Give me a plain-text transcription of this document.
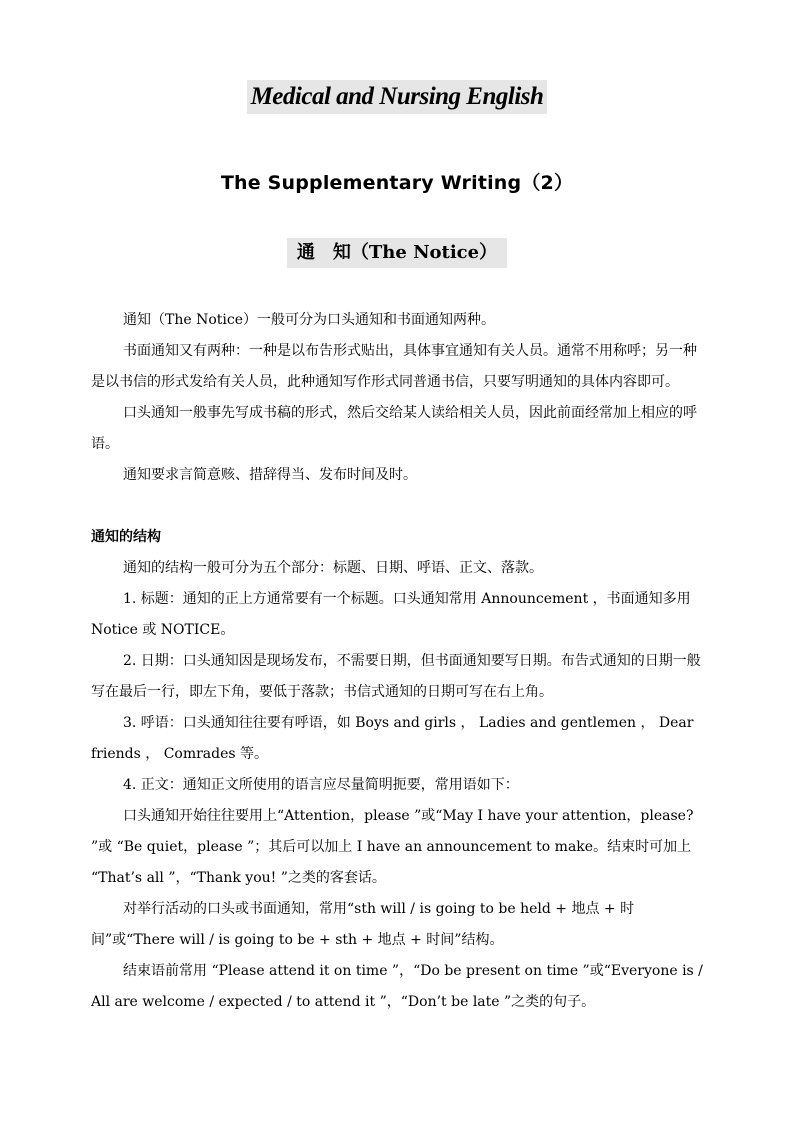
Medical and Nursing English
The Supplementary Writing（2）
通　知（The Notice）

通知（The Notice）一般可分为口头通知和书面通知两种。

书面通知又有两种：一种是以布告形式贴出，具体事宜通知有关人员。通常不用称呼；另一种是以书信的形式发给有关人员，此种通知写作形式同普通书信，只要写明通知的具体内容即可。

口头通知一般事先写成书稿的形式，然后交给某人读给相关人员，因此前面经常加上相应的呼语。

通知要求言简意赅、措辞得当、发布时间及时。

通知的结构

通知的结构一般可分为五个部分：标题、日期、呼语、正文、落款。

1. 标题：通知的正上方通常要有一个标题。口头通知常用 Announcement ，书面通知多用 Notice 或 NOTICE。

2. 日期：口头通知因是现场发布，不需要日期，但书面通知要写日期。布告式通知的日期一般写在最后一行，即左下角，要低于落款；书信式通知的日期可写在右上角。

3. 呼语：口头通知往往要有呼语，如 Boys and girls ， Ladies and gentlemen ， Dear friends ， Comrades 等。

4. 正文：通知正文所使用的语言应尽量简明扼要，常用语如下：

口头通知开始往往要用上“Attention，please ”或“May I have your attention，please? ”或 “Be quiet，please ”；其后可以加上 I have an announcement to make。结束时可加上 “That’s all ”，“Thank you! ”之类的客套话。

对举行活动的口头或书面通知，常用“sth will / is going to be held + 地点 + 时间”或“There will / is going to be + sth + 地点 + 时间”结构。

结束语前常用 “Please attend it on time ”，“Do be present on time ”或“Everyone is / All are welcome / expected / to attend it ”，“Don’t be late ”之类的句子。
